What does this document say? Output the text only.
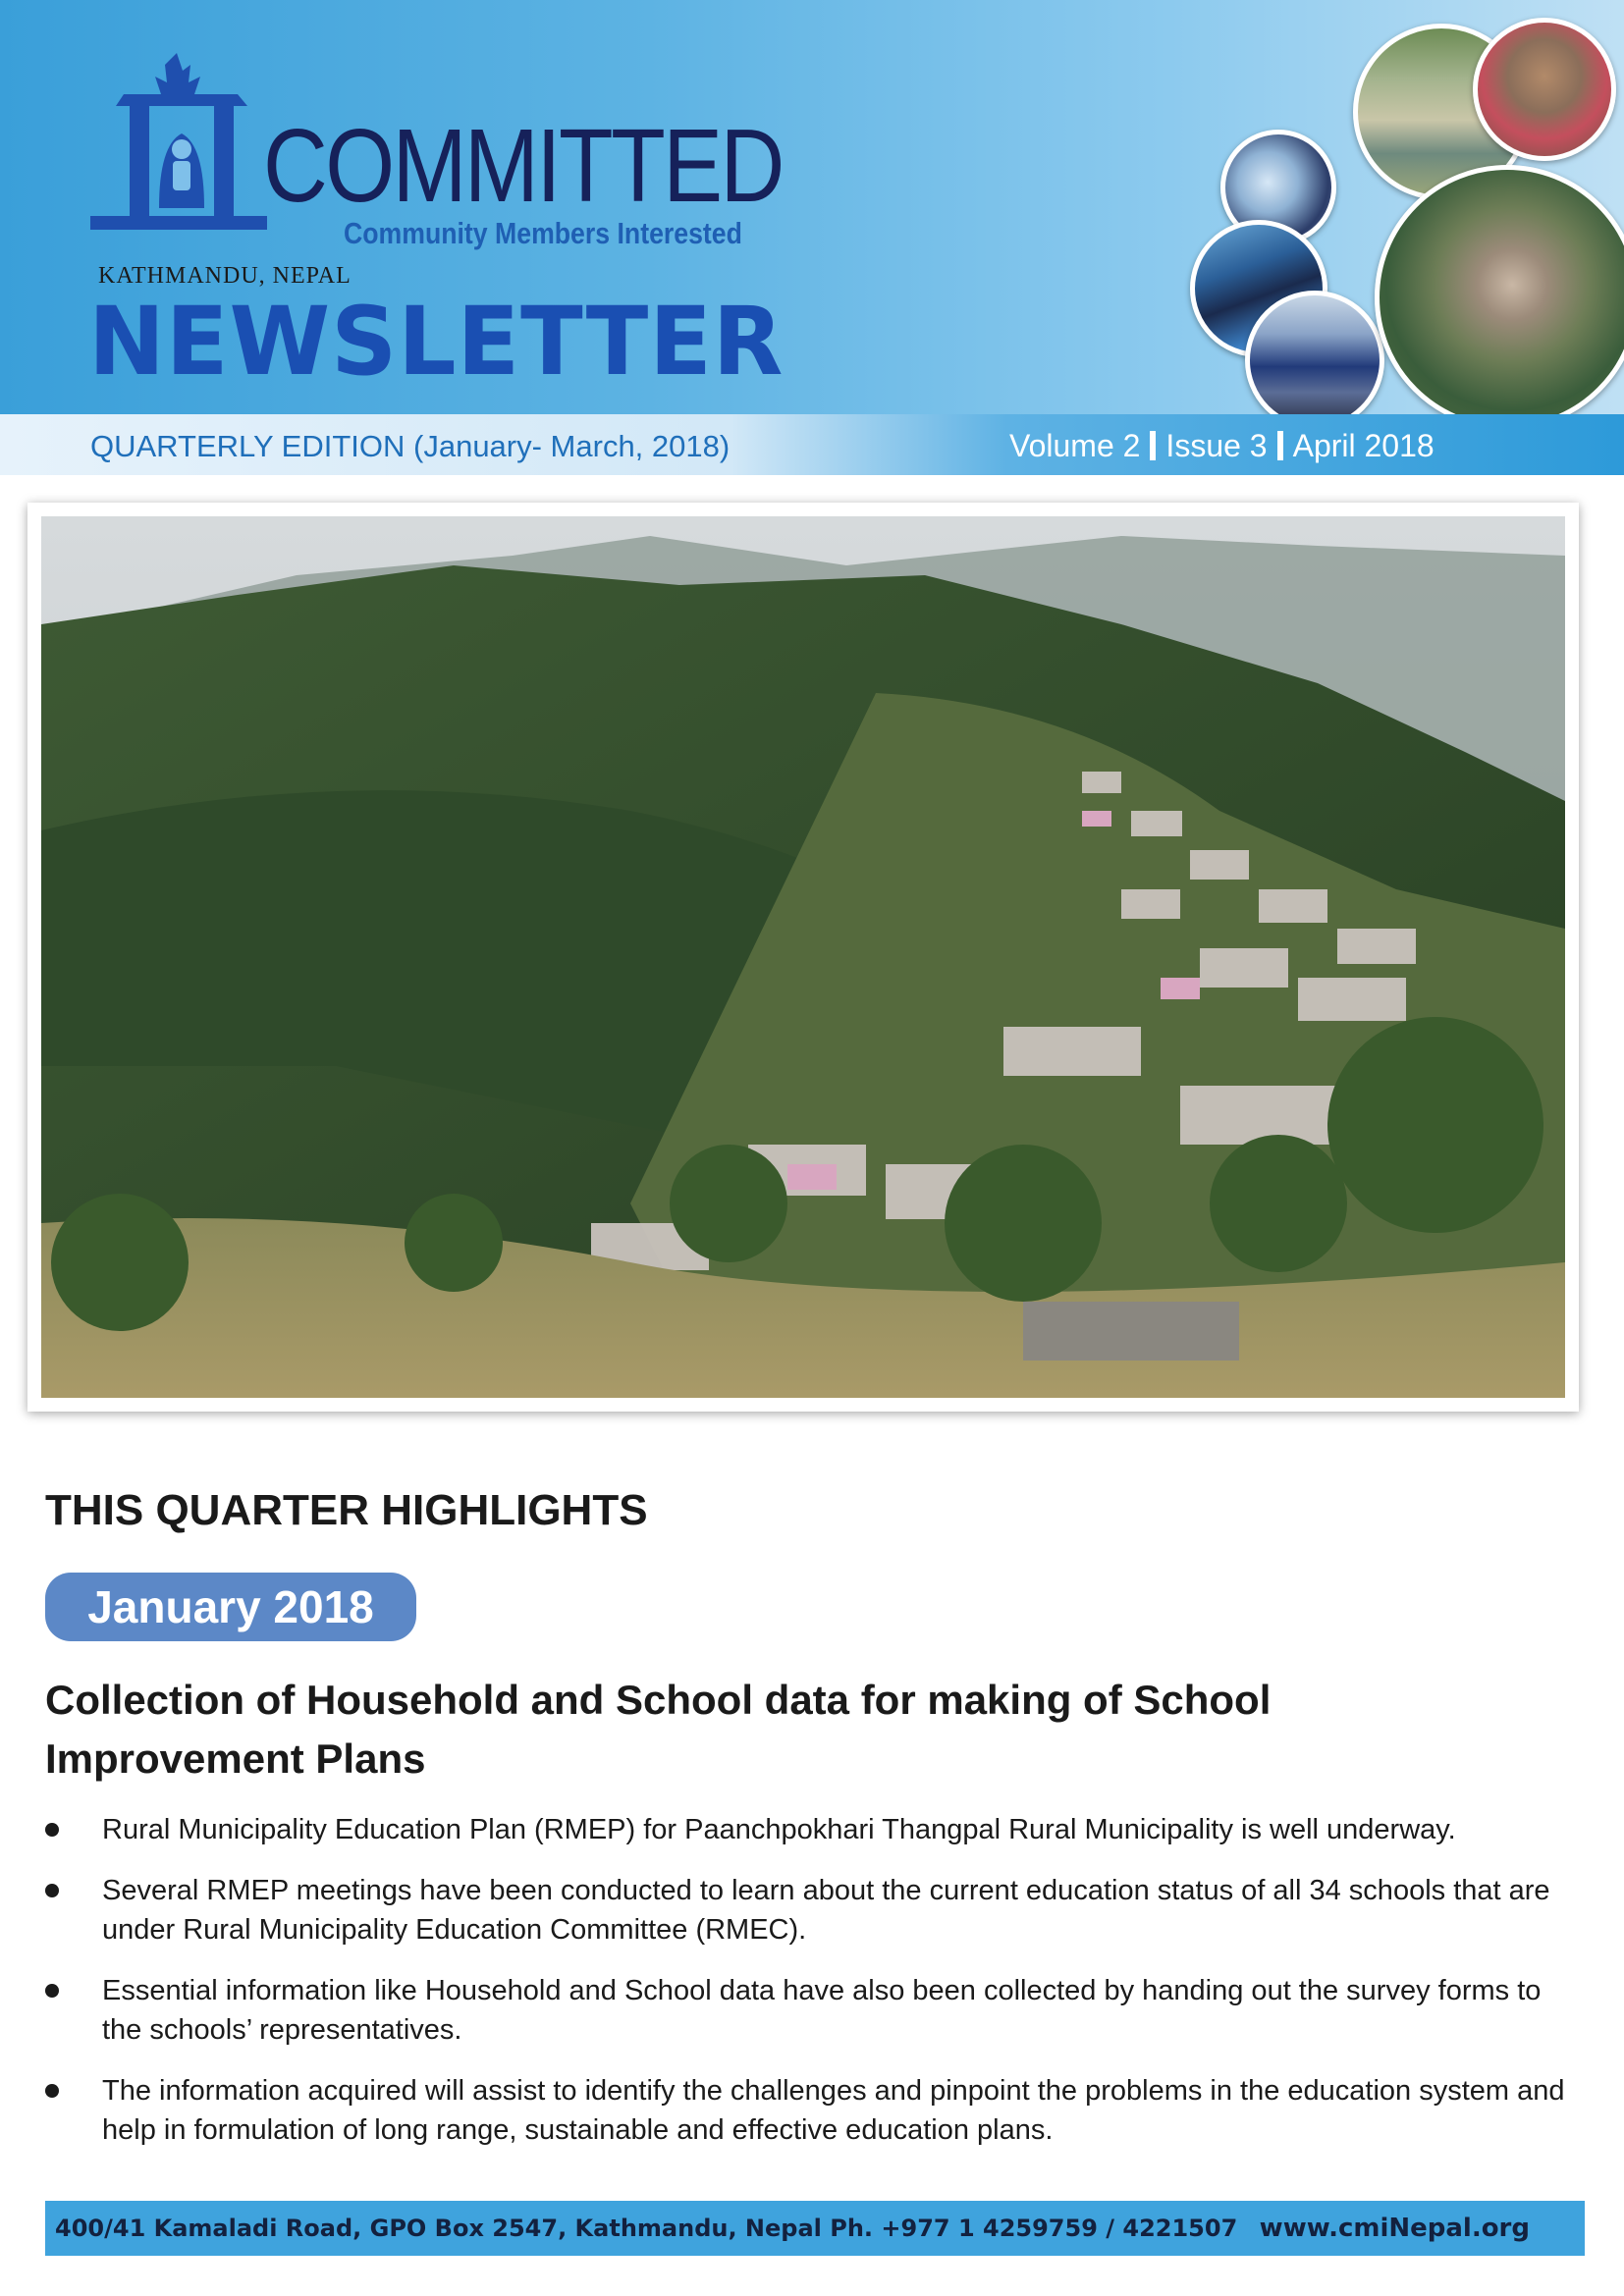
COMMITTED
Community Members Interested
KATHMANDU, NEPAL
NEWSLETTER
QUARTERLY EDITION (January- March, 2018)	Volume 2 Issue 3 April 2018
THIS QUARTER HIGHLIGHTS
January 2018
Collection of Household and School data for making of School Improvement Plans
Rural Municipality Education Plan (RMEP) for Paanchpokhari Thangpal Rural Municipality is well underway.
Several RMEP meetings have been conducted to learn about the current education status of all 34 schools that are under Rural Municipality Education Committee (RMEC).
Essential information like Household and School data have also been collected by handing out the survey forms to the schools’ representatives.
The information acquired will assist to identify the challenges and pinpoint the problems in the education system and help in formulation of long range, sustainable and effective education plans.
400/41 Kamaladi Road, GPO Box 2547, Kathmandu, Nepal Ph. +977 1 4259759 / 4221507 www.cmiNepal.org
